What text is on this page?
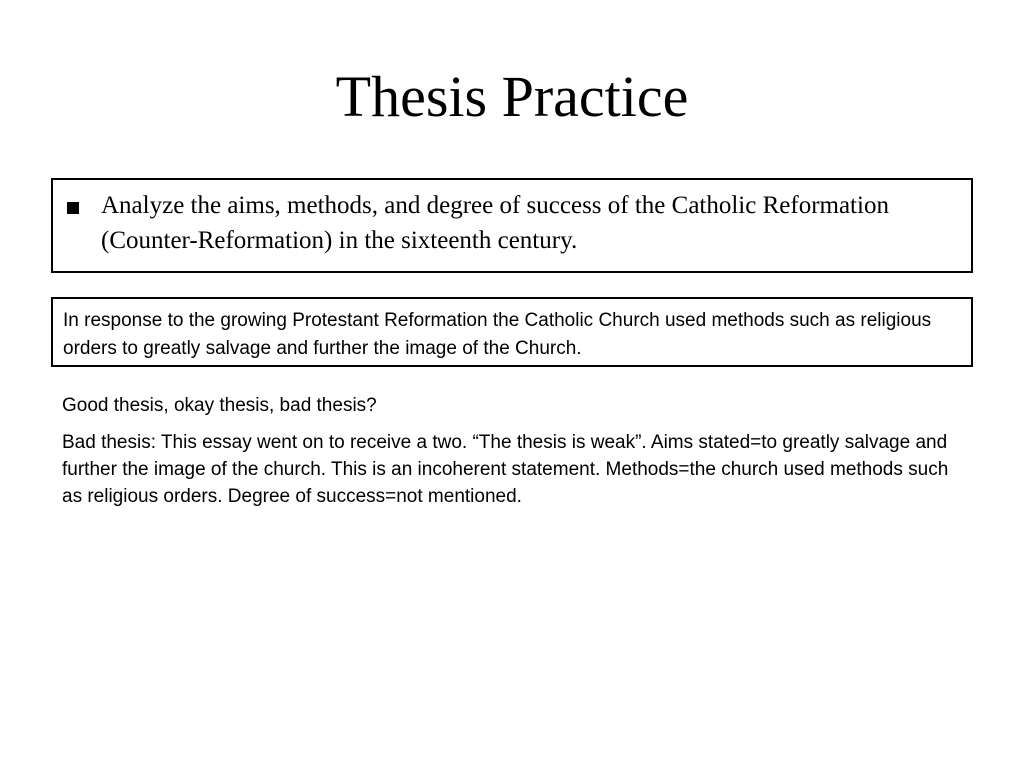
Thesis Practice

Analyze the aims, methods, and degree of success of the Catholic Reformation (Counter-Reformation) in the sixteenth century.

In response to the growing Protestant Reformation the Catholic Church used methods such as religious orders to greatly salvage and further the image of the Church.

Good thesis, okay thesis, bad thesis?

Bad thesis: This essay went on to receive a two. “The thesis is weak”. Aims stated=to greatly salvage and further the image of the church. This is an incoherent statement. Methods=the church used methods such as religious orders. Degree of success=not mentioned.
